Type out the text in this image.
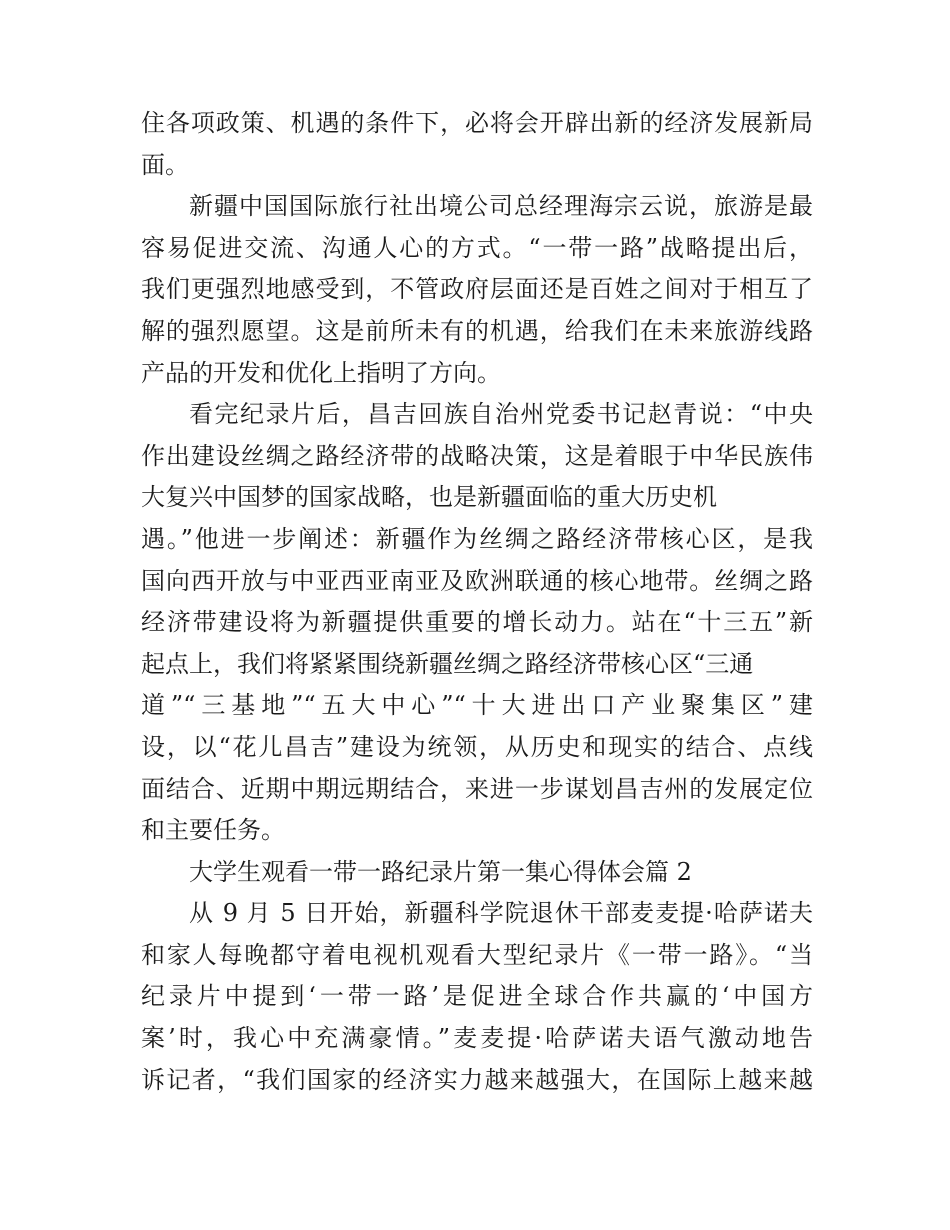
住各项政策、机遇的条件下，必将会开辟出新的经济发展新局
面。
新疆中国国际旅行社出境公司总经理海宗云说，旅游是最
容易促进交流、沟通人心的方式。“一带一路”战略提出后，
我们更强烈地感受到，不管政府层面还是百姓之间对于相互了
解的强烈愿望。这是前所未有的机遇，给我们在未来旅游线路
产品的开发和优化上指明了方向。
看完纪录片后，昌吉回族自治州党委书记赵青说：“中央
作出建设丝绸之路经济带的战略决策，这是着眼于中华民族伟
大复兴中国梦的国家战略，也是新疆面临的重大历史机
遇。”他进一步阐述：新疆作为丝绸之路经济带核心区，是我
国向西开放与中亚西亚南亚及欧洲联通的核心地带。丝绸之路
经济带建设将为新疆提供重要的增长动力。站在“十三五”新
起点上，我们将紧紧围绕新疆丝绸之路经济带核心区“三通
道”“三基地”“五大中心”“十大进出口产业聚集区”建
设，以“花儿昌吉”建设为统领，从历史和现实的结合、点线
面结合、近期中期远期结合，来进一步谋划昌吉州的发展定位
和主要任务。
大学生观看一带一路纪录片第一集心得体会篇 2
从 9 月 5 日开始，新疆科学院退休干部麦麦提·哈萨诺夫
和家人每晚都守着电视机观看大型纪录片《一带一路》。“当
纪录片中提到‘一带一路’是促进全球合作共赢的‘中国方
案’时，我心中充满豪情。”麦麦提·哈萨诺夫语气激动地告
诉记者，“我们国家的经济实力越来越强大，在国际上越来越
